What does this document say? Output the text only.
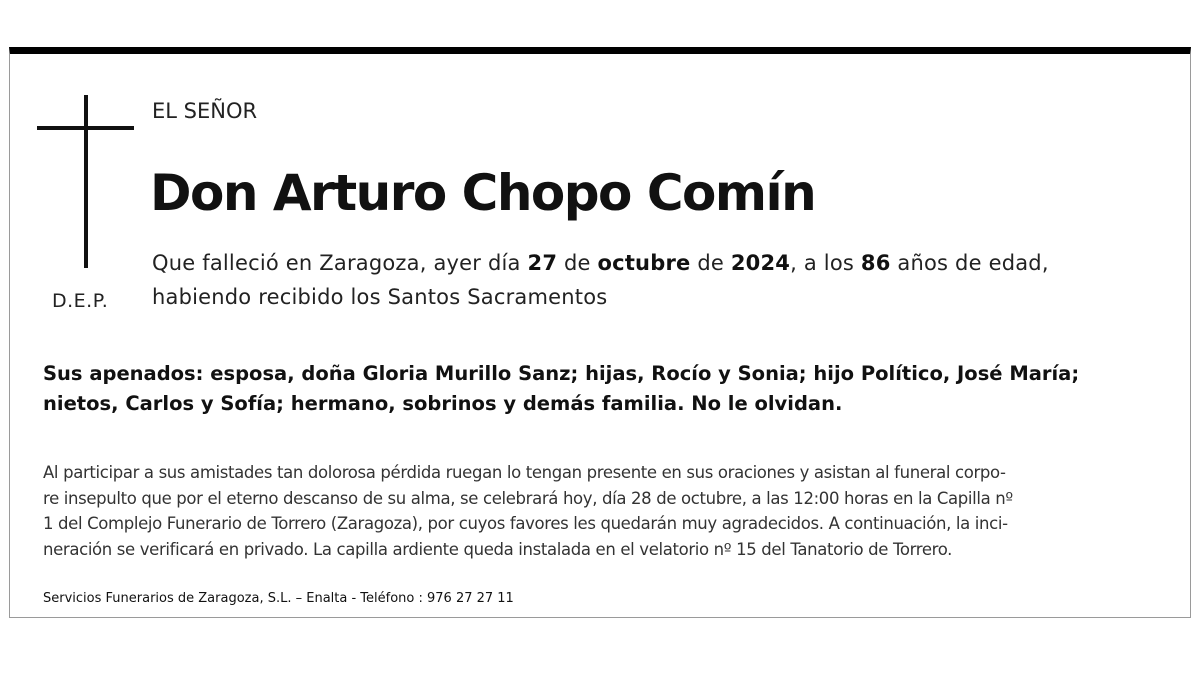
D.E.P.
EL SEÑOR
Don Arturo Chopo Comín
Que falleció en Zaragoza, ayer día 27 de octubre de 2024, a los 86 años de edad,
habiendo recibido los Santos Sacramentos
Sus apenados: esposa, doña Gloria Murillo Sanz; hijas, Rocío y Sonia; hijo Político, José María; nietos, Carlos y Sofía; hermano, sobrinos y demás familia. No le olvidan.
Al participar a sus amistades tan dolorosa pérdida ruegan lo tengan presente en sus oraciones y asistan al funeral corpo-
re insepulto que por el eterno descanso de su alma, se celebrará hoy, día 28 de octubre, a las 12:00 horas en la Capilla nº
1 del Complejo Funerario de Torrero (Zaragoza), por cuyos favores les quedarán muy agradecidos. A continuación, la inci-
neración se verificará en privado. La capilla ardiente queda instalada en el velatorio nº 15 del Tanatorio de Torrero.
Servicios Funerarios de Zaragoza, S.L. – Enalta - Teléfono : 976 27 27 11
